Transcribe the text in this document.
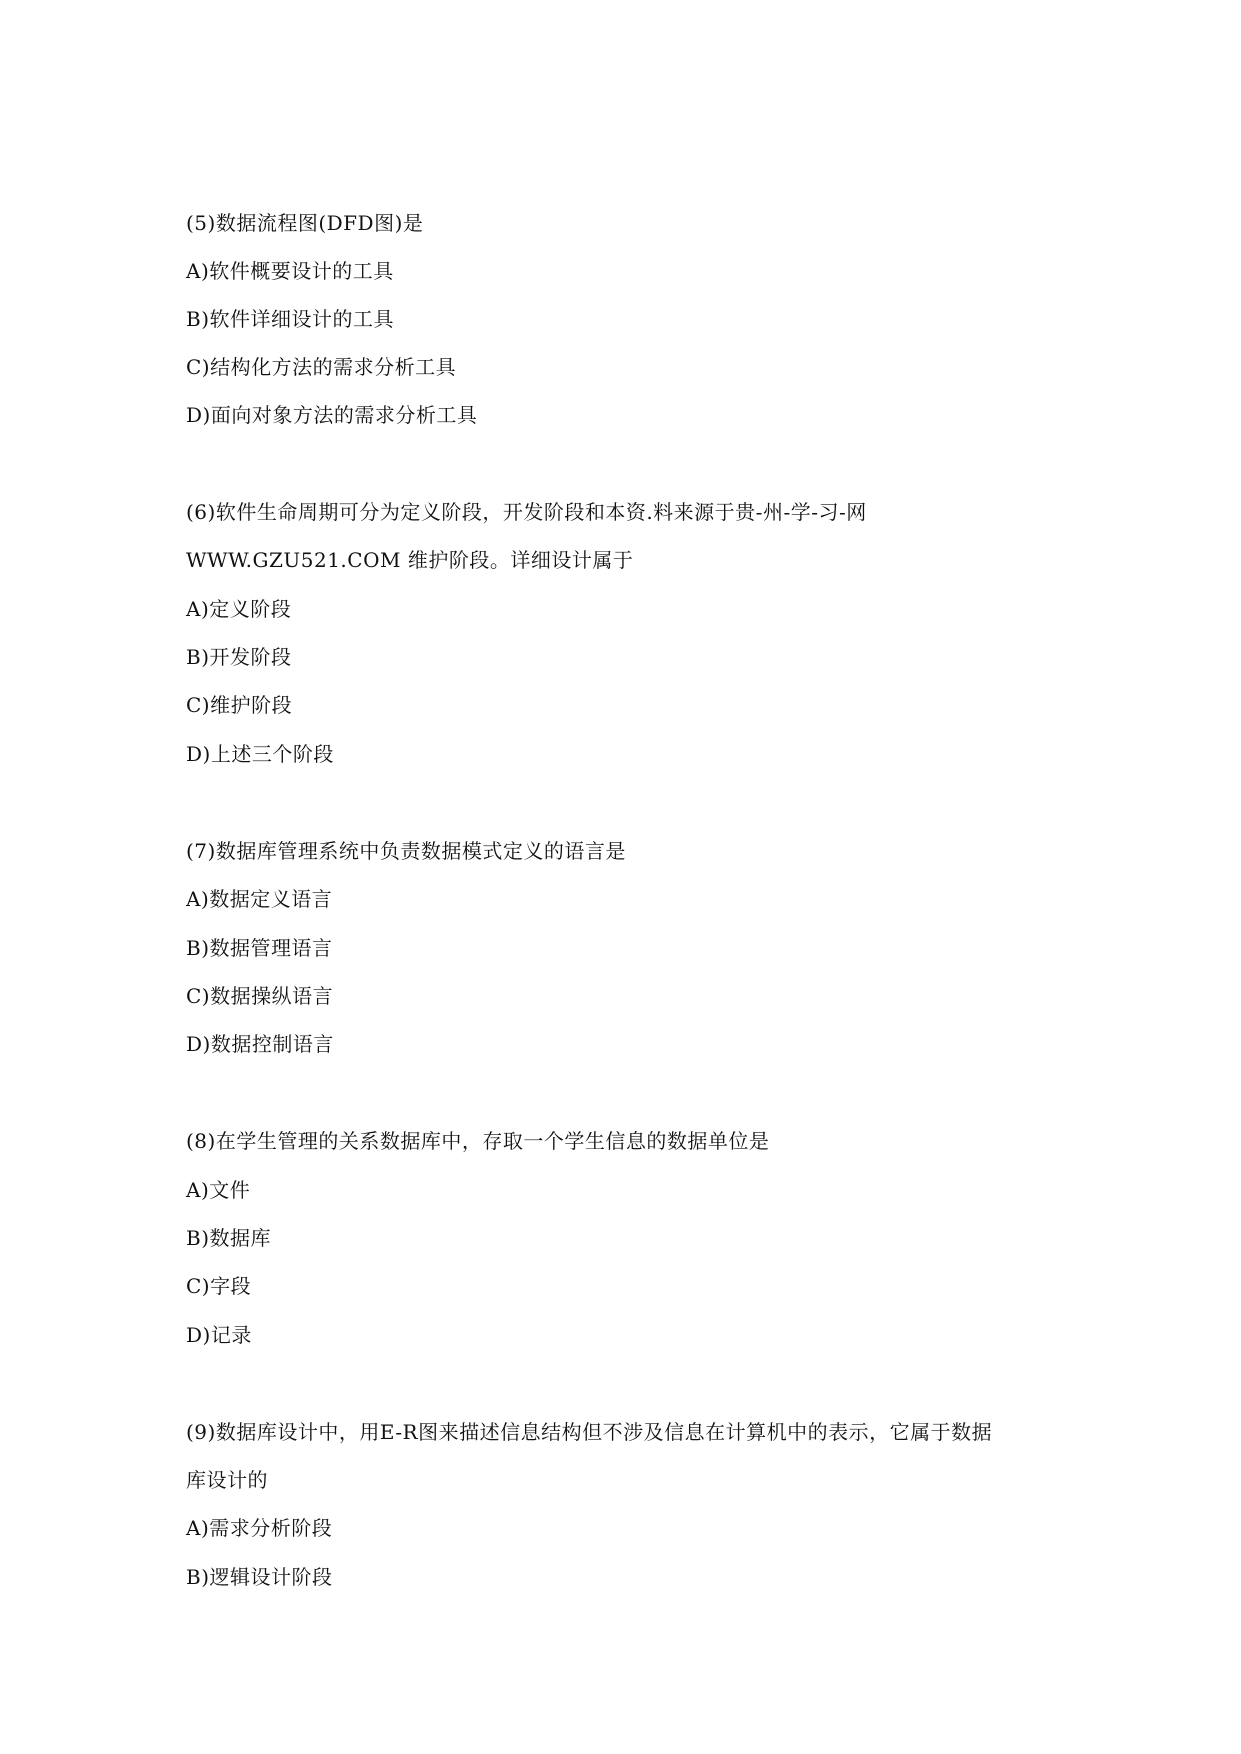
(5)数据流程图(DFD图)是

A)软件概要设计的工具

B)软件详细设计的工具

C)结构化方法的需求分析工具

D)面向对象方法的需求分析工具

(6)软件生命周期可分为定义阶段，开发阶段和本资.料来源于贵-州-学-习-网

WWW.GZU521.COM 维护阶段。详细设计属于

A)定义阶段

B)开发阶段

C)维护阶段

D)上述三个阶段

(7)数据库管理系统中负责数据模式定义的语言是

A)数据定义语言

B)数据管理语言

C)数据操纵语言

D)数据控制语言

(8)在学生管理的关系数据库中，存取一个学生信息的数据单位是

A)文件

B)数据库

C)字段

D)记录

(9)数据库设计中，用E-R图来描述信息结构但不涉及信息在计算机中的表示，它属于数据

库设计的

A)需求分析阶段

B)逻辑设计阶段
